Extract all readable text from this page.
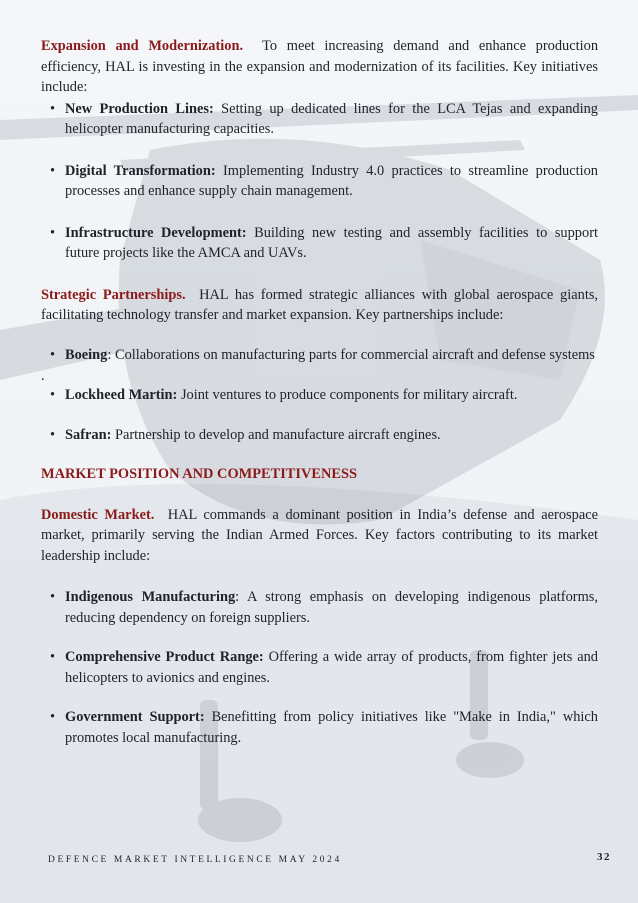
Expansion and Modernization. To meet increasing demand and enhance production efficiency, HAL is investing in the expansion and modernization of its facilities. Key initiatives include:

• New Production Lines: Setting up dedicated lines for the LCA Tejas and expanding helicopter manufacturing capacities.
• Digital Transformation: Implementing Industry 4.0 practices to streamline production processes and enhance supply chain management.
• Infrastructure Development: Building new testing and assembly facilities to support future projects like the AMCA and UAVs.

Strategic Partnerships. HAL has formed strategic alliances with global aerospace giants, facilitating technology transfer and market expansion. Key partnerships include:

• Boeing: Collaborations on manufacturing parts for commercial aircraft and defense systems
.
• Lockheed Martin: Joint ventures to produce components for military aircraft.
• Safran: Partnership to develop and manufacture aircraft engines.
MARKET POSITION AND COMPETITIVENESS

Domestic Market. HAL commands a dominant position in India’s defense and aerospace market, primarily serving the Indian Armed Forces. Key factors contributing to its market leadership include:

• Indigenous Manufacturing: A strong emphasis on developing indigenous platforms, reducing dependency on foreign suppliers.
• Comprehensive Product Range: Offering a wide array of products, from fighter jets and helicopters to avionics and engines.
• Government Support: Benefitting from policy initiatives like "Make in India," which promotes local manufacturing.
DEFENCE MARKET INTELLIGENCE MAY 2024	32
